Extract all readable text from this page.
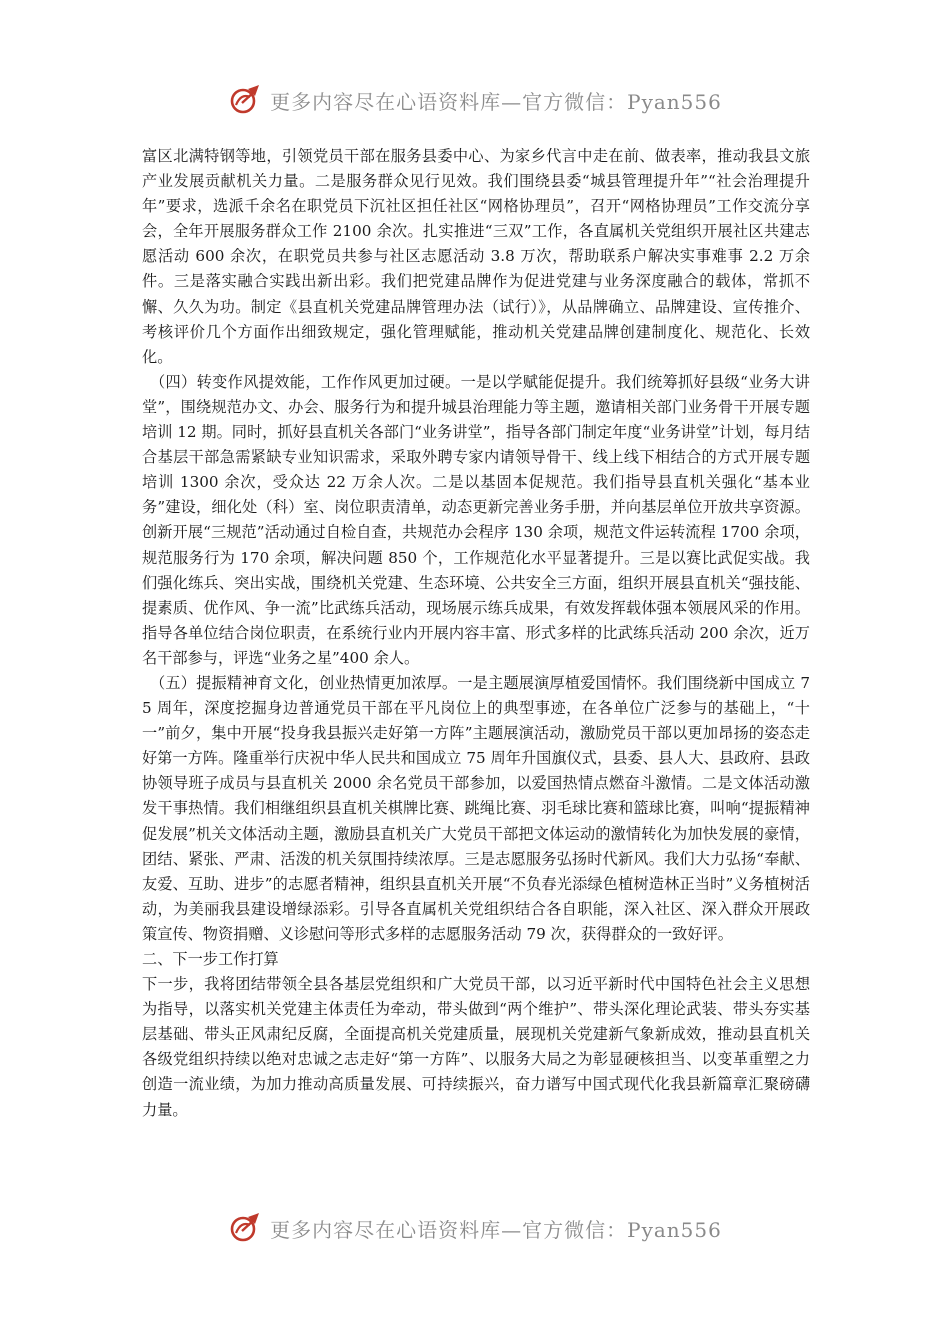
更多内容尽在心语资料库—官方微信：Pyan556

富区北满特钢等地，引领党员干部在服务县委中心、为家乡代言中走在前、做表率，推动我县文旅产业发展贡献机关力量。二是服务群众见行见效。我们围绕县委“城县管理提升年”“社会治理提升年”要求，选派千余名在职党员下沉社区担任社区“网格协理员”，召开“网格协理员”工作交流分享会，全年开展服务群众工作 2100 余次。扎实推进“三双”工作，各直属机关党组织开展社区共建志愿活动 600 余次，在职党员共参与社区志愿活动 3.8 万次，帮助联系户解决实事难事 2.2 万余件。三是落实融合实践出新出彩。我们把党建品牌作为促进党建与业务深度融合的载体，常抓不懈、久久为功。制定《县直机关党建品牌管理办法（试行）》，从品牌确立、品牌建设、宣传推介、考核评价几个方面作出细致规定，强化管理赋能，推动机关党建品牌创建制度化、规范化、长效化。

（四）转变作风提效能，工作作风更加过硬。一是以学赋能促提升。我们统筹抓好县级“业务大讲堂”，围绕规范办文、办会、服务行为和提升城县治理能力等主题，邀请相关部门业务骨干开展专题培训 12 期。同时，抓好县直机关各部门“业务讲堂”，指导各部门制定年度“业务讲堂”计划，每月结合基层干部急需紧缺专业知识需求，采取外聘专家内请领导骨干、线上线下相结合的方式开展专题培训 1300 余次，受众达 22 万余人次。二是以基固本促规范。我们指导县直机关强化“基本业务”建设，细化处（科）室、岗位职责清单，动态更新完善业务手册，并向基层单位开放共享资源。创新开展“三规范”活动通过自检自查，共规范办会程序 130 余项，规范文件运转流程 1700 余项，规范服务行为 170 余项，解决问题 850 个，工作规范化水平显著提升。三是以赛比武促实战。我们强化练兵、突出实战，围绕机关党建、生态环境、公共安全三方面，组织开展县直机关“强技能、提素质、优作风、争一流”比武练兵活动，现场展示练兵成果，有效发挥载体强本领展风采的作用。指导各单位结合岗位职责，在系统行业内开展内容丰富、形式多样的比武练兵活动 200 余次，近万名干部参与，评选“业务之星”400 余人。

（五）提振精神育文化，创业热情更加浓厚。一是主题展演厚植爱国情怀。我们围绕新中国成立 75 周年，深度挖掘身边普通党员干部在平凡岗位上的典型事迹，在各单位广泛参与的基础上，“十一”前夕，集中开展“投身我县振兴走好第一方阵”主题展演活动，激励党员干部以更加昂扬的姿态走好第一方阵。隆重举行庆祝中华人民共和国成立 75 周年升国旗仪式，县委、县人大、县政府、县政协领导班子成员与县直机关 2000 余名党员干部参加，以爱国热情点燃奋斗激情。二是文体活动激发干事热情。我们相继组织县直机关棋牌比赛、跳绳比赛、羽毛球比赛和篮球比赛，叫响“提振精神促发展”机关文体活动主题，激励县直机关广大党员干部把文体运动的激情转化为加快发展的豪情，团结、紧张、严肃、活泼的机关氛围持续浓厚。三是志愿服务弘扬时代新风。我们大力弘扬“奉献、友爱、互助、进步”的志愿者精神，组织县直机关开展“不负春光添绿色植树造林正当时”义务植树活动，为美丽我县建设增绿添彩。引导各直属机关党组织结合各自职能，深入社区、深入群众开展政策宣传、物资捐赠、义诊慰问等形式多样的志愿服务活动 79 次，获得群众的一致好评。

二、下一步工作打算

下一步，我将团结带领全县各基层党组织和广大党员干部，以习近平新时代中国特色社会主义思想为指导，以落实机关党建主体责任为牵动，带头做到“两个维护”、带头深化理论武装、带头夯实基层基础、带头正风肃纪反腐，全面提高机关党建质量，展现机关党建新气象新成效，推动县直机关各级党组织持续以绝对忠诚之志走好“第一方阵”、以服务大局之为彰显硬核担当、以变革重塑之力创造一流业绩，为加力推动高质量发展、可持续振兴，奋力谱写中国式现代化我县新篇章汇聚磅礴力量。

更多内容尽在心语资料库—官方微信：Pyan556
